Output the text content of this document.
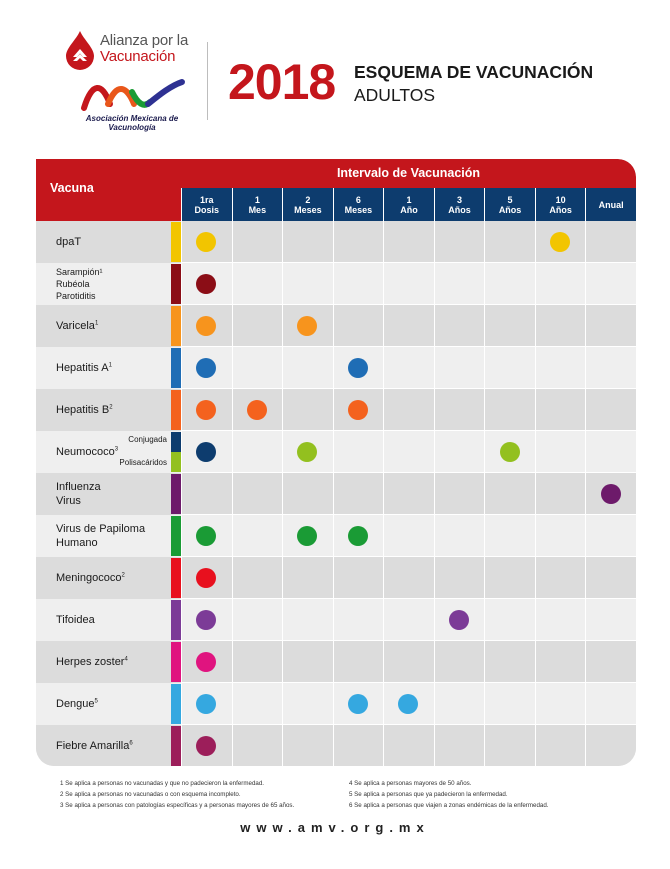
Alianza por la
Vacunación
Asociación Mexicana de Vacunología
2018 ESQUEMA DE VACUNACIÓN
ADULTOS
Vacuna
Intervalo de Vacunación
1ra
Dosis
1
Mes
2
Meses
6
Meses
1
Año
3
Años
5
Años
10
Años	Anual
dpaT
Sarampión¹
Rubéola
Parotiditis
Varicela$^1$
Hepatitis $A^1$
Hepatitis $B^2$
Neumococo$^3$
Conjugada
Polisacáridos
Influenza
Virus
Virus de Papiloma
Humano
Meningococo$^2$
Tifoidea
Herpes zoster$^4$
Dengue$^5$
Fiebre Amarilla$^6$
1 Se aplica a personas no vacunadas y que no padecieron la enfermedad.
2 Se aplica a personas no vacunadas o con esquema incompleto.
3 Se aplica a personas con patologías específicas y a personas mayores de 65 años.
4 Se aplica a personas mayores de 50 años.
5 Se aplica a personas que ya padecieron la enfermedad.
6 Se aplica a personas que viajen a zonas endémicas de la enfermedad.
www.amv.org.mx
